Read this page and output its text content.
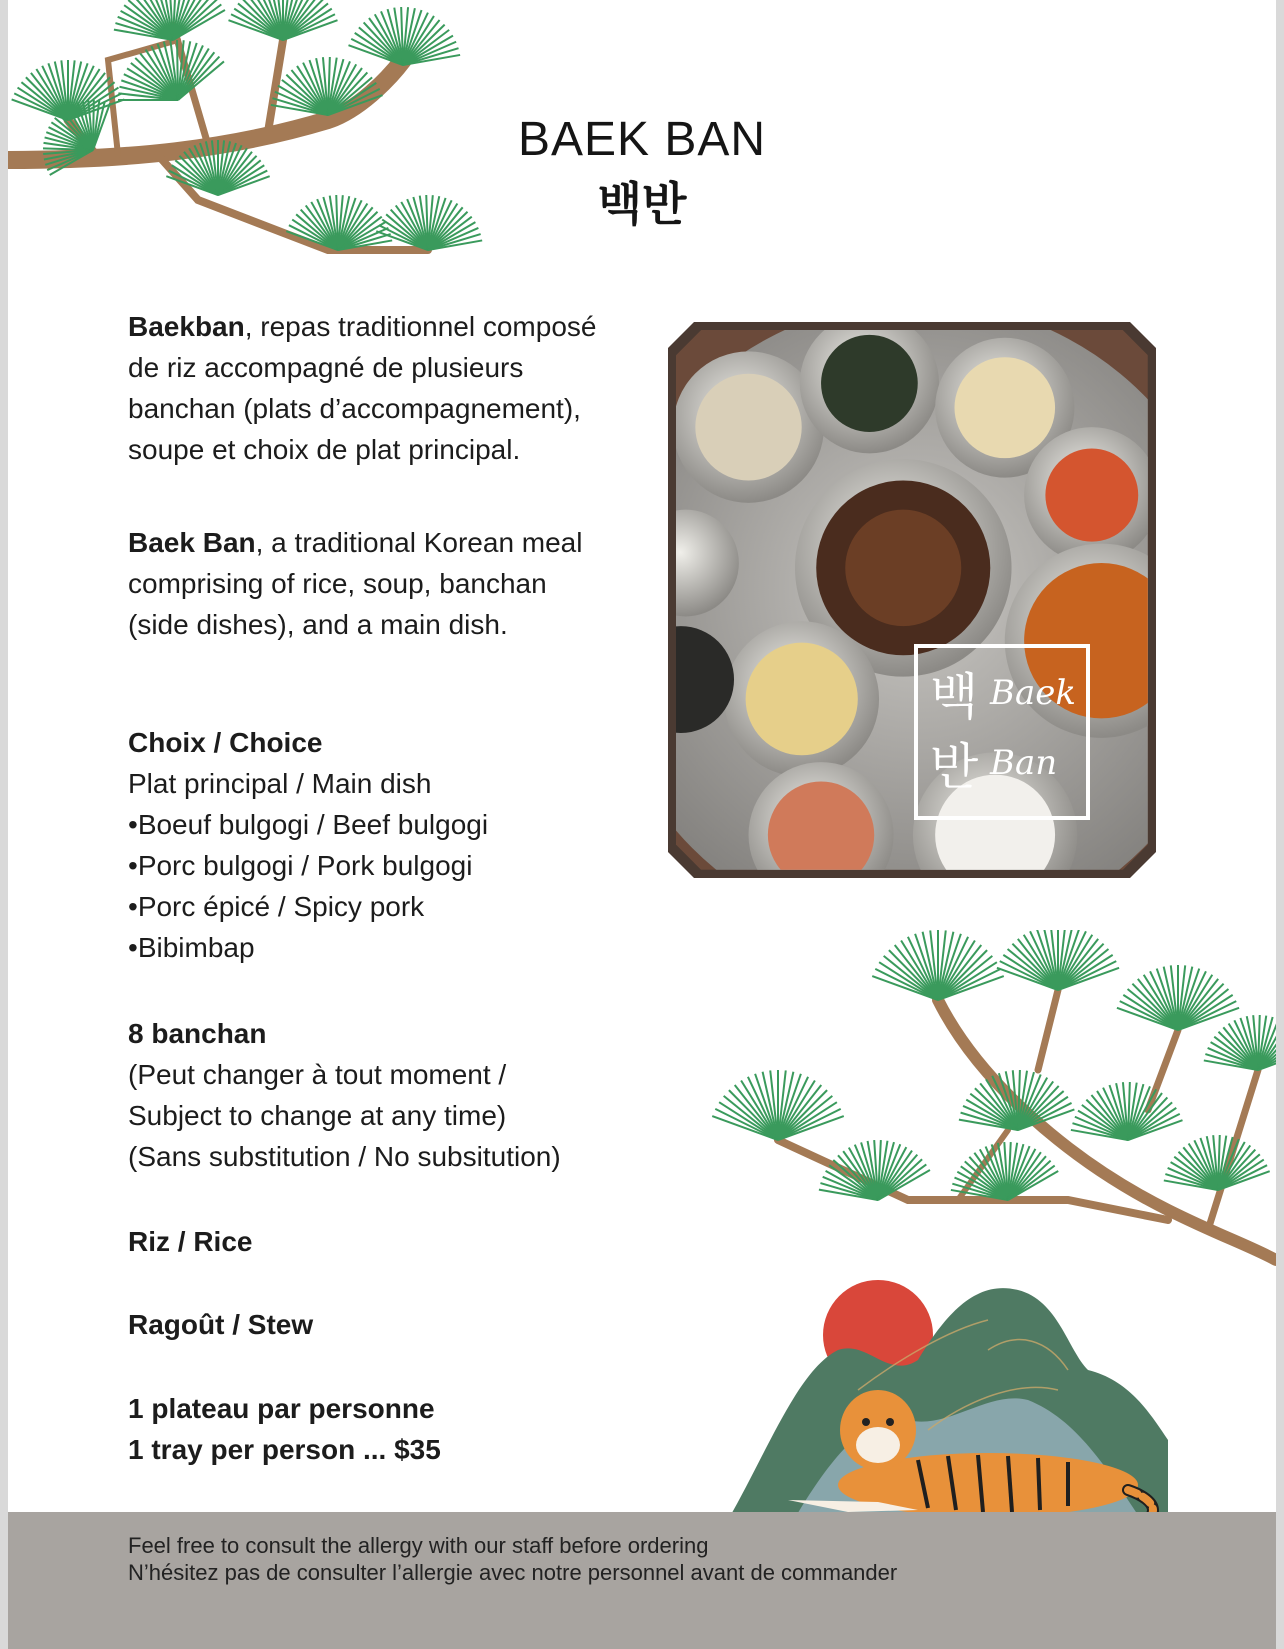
BAEK BAN
백반
Baekban, repas traditionnel composé
de riz accompagné de plusieurs
banchan (plats d’accompagnement),
soupe et choix de plat principal.
Baek Ban, a traditional Korean meal
comprising of rice, soup, banchan
(side dishes), and a main dish.
Choix / Choice
Plat principal / Main dish
• Boeuf bulgogi / Beef bulgogi
• Porc bulgogi / Pork bulgogi
• Porc épicé / Spicy pork
• Bibimbap
8 banchan
(Peut changer à tout moment /
Subject to change at any time)
(Sans substitution / No subsitution)
Riz / Rice
Ragoût / Stew
1 plateau par personne
1 tray per person ... $35
백 Baek
반 Ban
Feel free to consult the allergy with our staff before ordering
N’hésitez pas de consulter l’allergie avec notre personnel avant de commander
